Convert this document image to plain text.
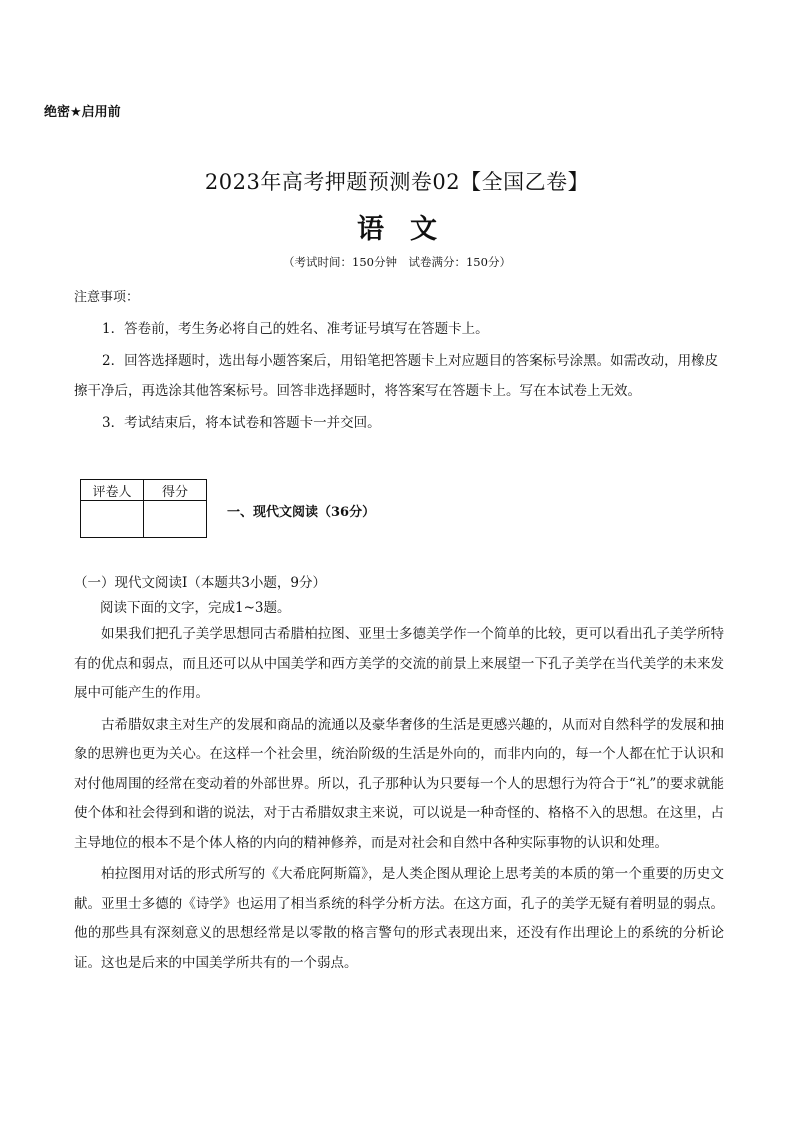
绝密★启用前
2023年高考押题预测卷02【全国乙卷】
语文
（考试时间：150分钟　试卷满分：150分）
注意事项：

1．答卷前，考生务必将自己的姓名、准考证号填写在答题卡上。

2．回答选择题时，选出每小题答案后，用铅笔把答题卡上对应题目的答案标号涂黑。如需改动，用橡皮擦干净后，再选涂其他答案标号。回答非选择题时，将答案写在答题卡上。写在本试卷上无效。

3．考试结束后，将本试卷和答题卡一并交回。

评卷人	得分

一、现代文阅读（36分）
（一）现代文阅读Ⅰ（本题共3小题，9分）
阅读下面的文字，完成1~3题。

如果我们把孔子美学思想同古希腊柏拉图、亚里士多德美学作一个简单的比较，更可以看出孔子美学所特有的优点和弱点，而且还可以从中国美学和西方美学的交流的前景上来展望一下孔子美学在当代美学的未来发展中可能产生的作用。

古希腊奴隶主对生产的发展和商品的流通以及豪华奢侈的生活是更感兴趣的，从而对自然科学的发展和抽象的思辨也更为关心。在这样一个社会里，统治阶级的生活是外向的，而非内向的，每一个人都在忙于认识和对付他周围的经常在变动着的外部世界。所以，孔子那种认为只要每一个人的思想行为符合于“礼”的要求就能使个体和社会得到和谐的说法，对于古希腊奴隶主来说，可以说是一种奇怪的、格格不入的思想。在这里，占主导地位的根本不是个体人格的内向的精神修养，而是对社会和自然中各种实际事物的认识和处理。

柏拉图用对话的形式所写的《大希庇阿斯篇》，是人类企图从理论上思考美的本质的第一个重要的历史文献。亚里士多德的《诗学》也运用了相当系统的科学分析方法。在这方面，孔子的美学无疑有着明显的弱点。他的那些具有深刻意义的思想经常是以零散的格言警句的形式表现出来，还没有作出理论上的系统的分析论证。这也是后来的中国美学所共有的一个弱点。
